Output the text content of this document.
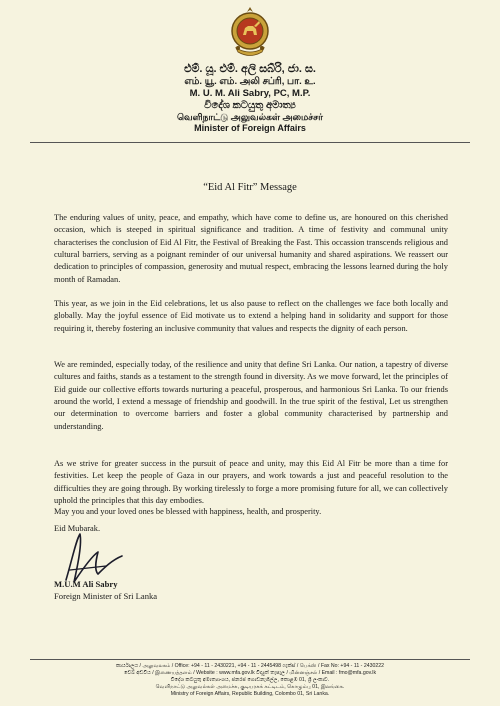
එම්. යූ. එම්. අලි සබ්රි, ජා. ස.
எம். யூ. எம். அலி சப்ரி, பா. உ.
M. U. M. Ali Sabry, PC, M.P.
විදේශ කටයුතු අමාත්‍ය
வெளிநாட்டு அலுவல்கள் அமைச்சர்
Minister of Foreign Affairs
“Eid Al Fitr” Message

The enduring values of unity, peace, and empathy, which have come to define us, are honoured on this cherished occasion, which is steeped in spiritual significance and tradition. A time of festivity and communal unity characterises the conclusion of Eid Al Fitr, the Festival of Breaking the Fast. This occassion transcends religious and cultural barriers, serving as a poignant reminder of our universal humanity and shared aspirations. We reassert our dedication to principles of compassion, generosity and mutual respect, embracing the lessons learned during the holy month of Ramadan.

This year, as we join in the Eid celebrations, let us also pause to reflect on the challenges we face both locally and globally. May the joyful essence of Eid motivate us to extend a helping hand in solidarity and support for those requiring it, thereby fostering an inclusive community that values and respects the dignity of each person.

We are reminded, especially today, of the resilience and unity that define Sri Lanka. Our nation, a tapestry of diverse cultures and faiths, stands as a testament to the strength found in diversity. As we move forward, let the principles of Eid guide our collective efforts towards nurturing a peaceful, prosperous, and harmonious Sri Lanka. To our friends around the world, I extend a message of friendship and goodwill. In the true spirit of the festival, Let us strengthen our determination to overcome barriers and foster a global community characterised by partnership and understanding.

As we strive for greater success in the pursuit of peace and unity, may this Eid Al Fitr be more than a time for festivities. Let keep the people of Gaza in our prayers, and work towards a just and peaceful resolution to the difficulties they are going through. By working tirelessly to forge a more promising future for all, we can collectively uphold the principles that this day embodies.

May you and your loved ones be blessed with happiness, health, and prosperity.

Eid Mubarak.
M.U.M Ali Sabry
Foreign Minister of Sri Lanka
කාර්යාලය / அலுவலகம் / Office: +94 - 11 - 2430221, +94 - 11 - 2445498 ෆැක්ස් / பெக்ஸ் / Fax No: +94 - 11 - 2430222
වෙබ් අඩවිය / இணையத்தளம் / Website : www.mfa.gov.lk විද්‍යුත් තැපැල / மின்னஞ்சல் / Email : fmo@mfa.gov.lk
විදේශ කටයුතු අමාත්‍යාංශය, ජනරජ ගොඩනැගිල්ල, කොළඹ 01, ශ්‍රී ලංකාව.
வெளிநாட்டு அலுவல்கள் அமைச்சு, குடியரசுக் கட்டிடம், கொழும்பு 01, இலங்கை.
Ministry of Foreign Affairs, Republic Building, Colombo 01, Sri Lanka.
